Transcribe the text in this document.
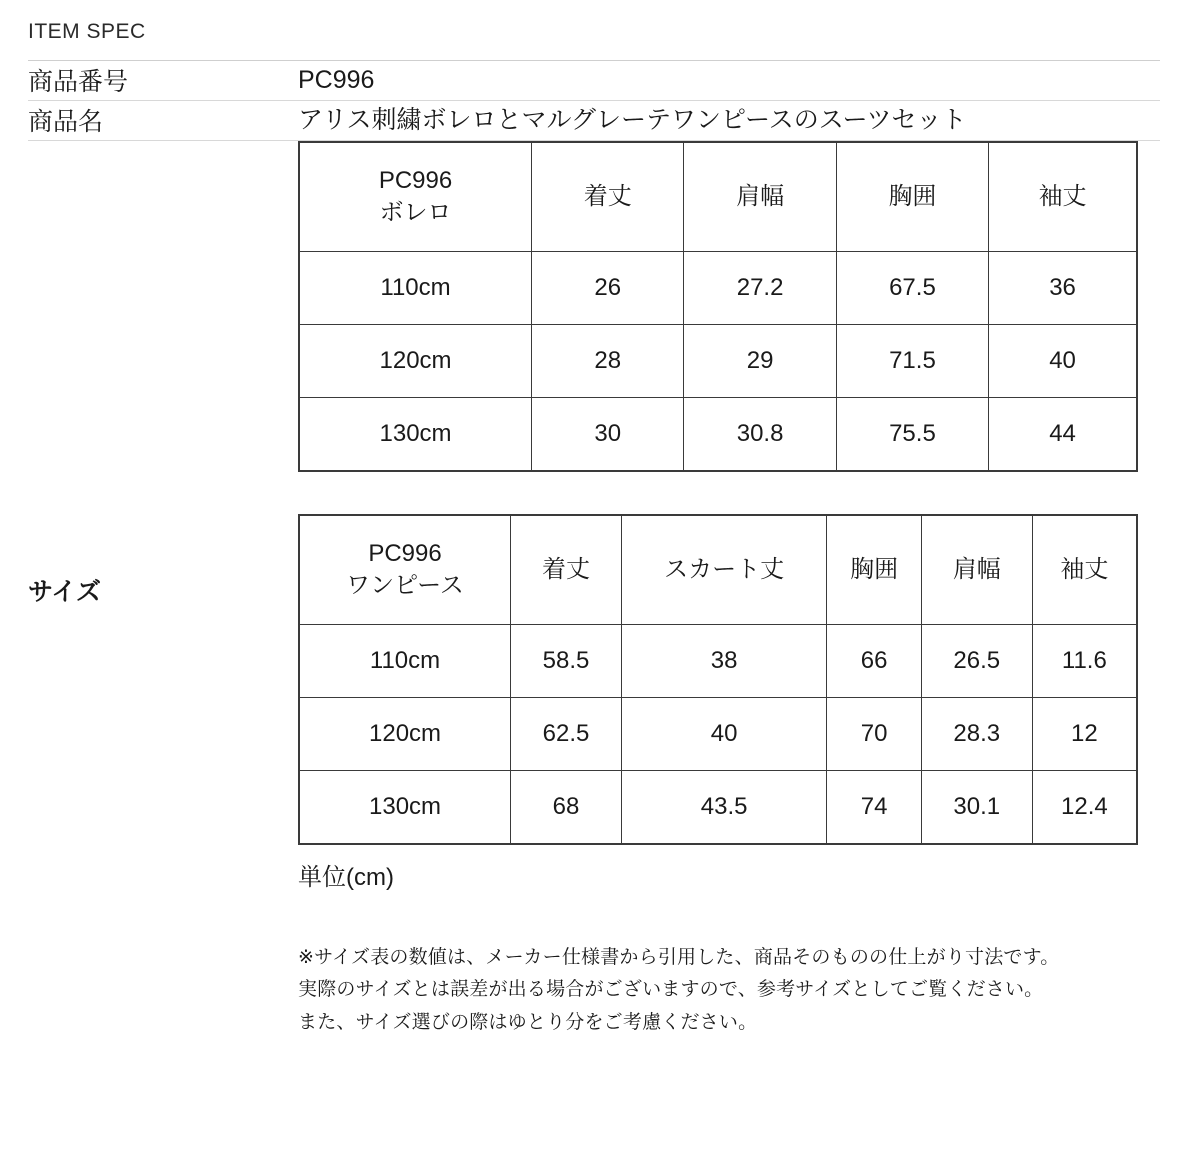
ITEM SPEC
商品番号	PC996
商品名	アリス刺繍ボレロとマルグレーテワンピースのスーツセット
サイズ	
PC996
ボレロ
	着丈	肩幅	胸囲	袖丈
110cm	26	27.2	67.5	36
120cm	28	29	71.5	40
130cm	30	30.8	75.5	44
PC996
ワンピース
	着丈	スカート丈	胸囲	肩幅	袖丈
110cm	58.5	38	66	26.5	11.6
120cm	62.5	40	70	28.3	12
130cm	68	43.5	74	30.1	12.4
単位(cm)
※サイズ表の数値は、メーカー仕様書から引用した、商品そのものの仕上がり寸法です。
実際のサイズとは誤差が出る場合がございますので、参考サイズとしてご覧ください。
また、サイズ選びの際はゆとり分をご考慮ください。
